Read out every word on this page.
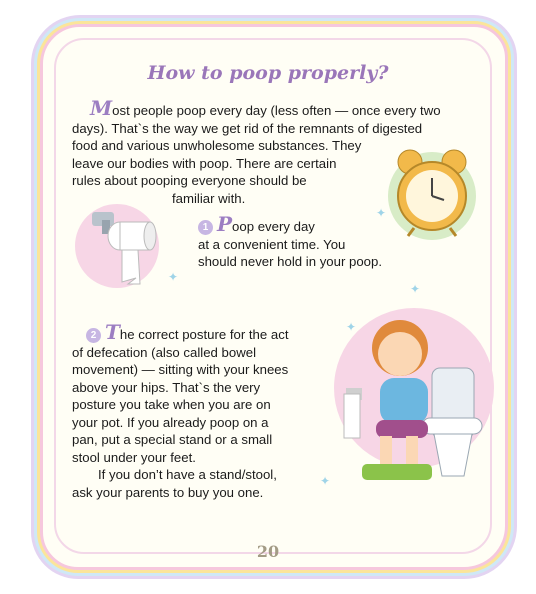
How to poop properly?
Most people poop every day (less often — once every two
days). That`s the way we get rid of the remnants of digested
food and various unwholesome substances. They
leave our bodies with poop. There are certain
rules about pooping everyone should be
familiar with.
1 Poop every day
at a convenient time. You
should never hold in your poop.
2 The correct posture for the act
of defecation (also called bowel
movement) — sitting with your knees
above your hips. That`s the very
posture you take when you are on
your pot. If you already poop on a
pan, put a special stand or a small
stool under your feet.
If you don’t have a stand/stool,
ask your parents to buy you one.
✦
✦
✦
✦
✦
20
